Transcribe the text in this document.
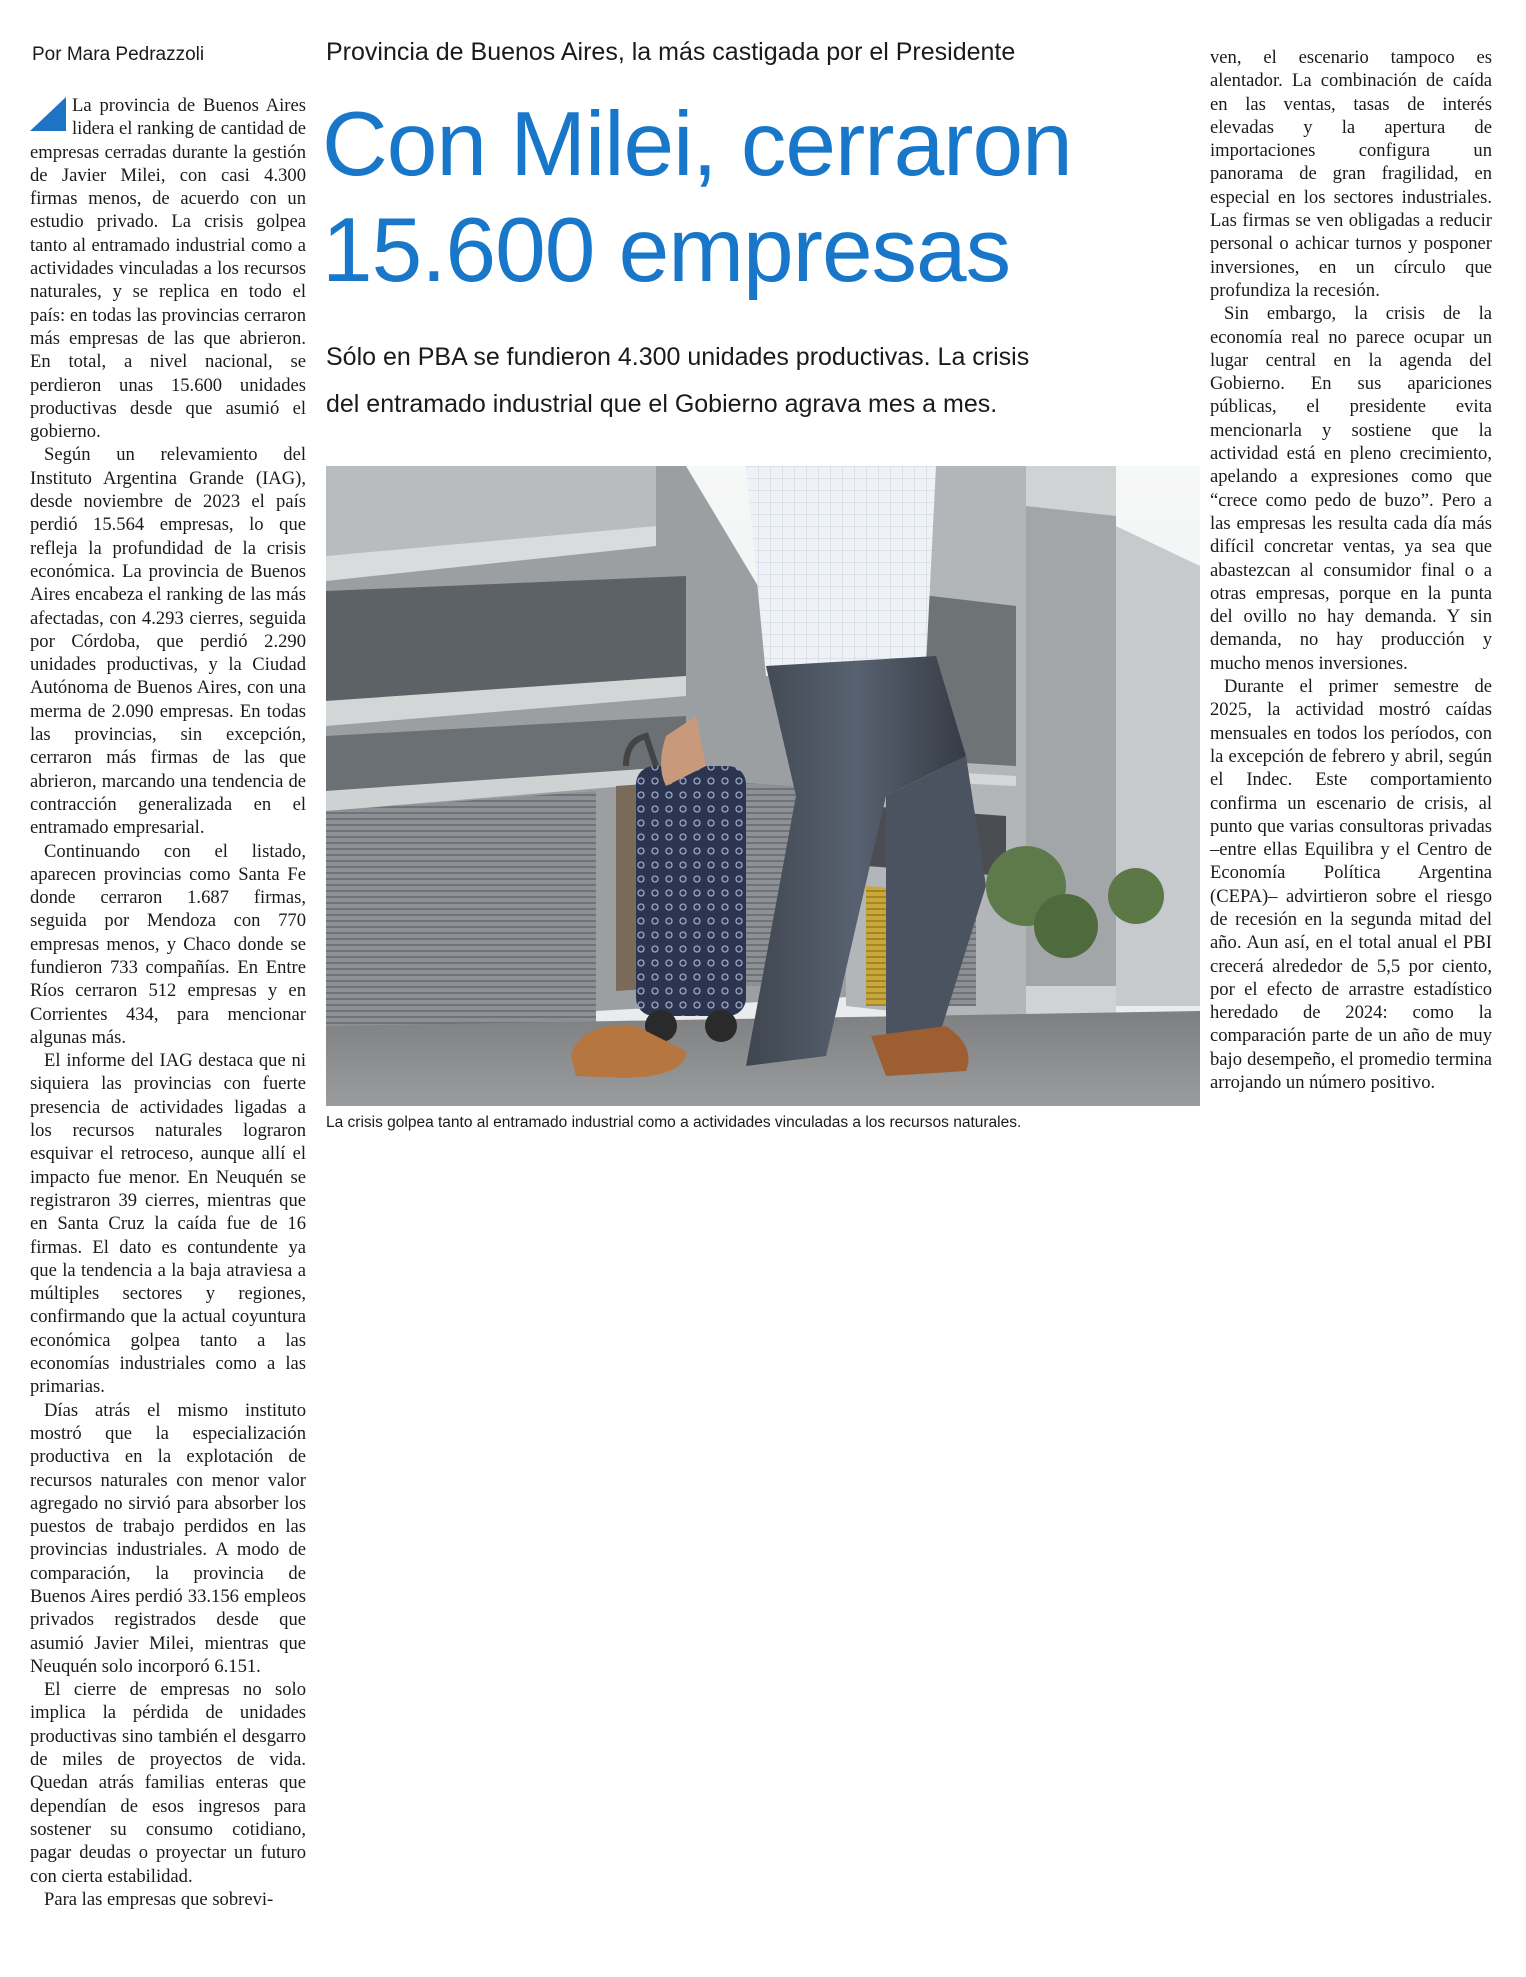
Por Mara Pedrazzoli

La provincia de Buenos Aires lidera el ranking de cantidad de empresas cerradas durante la gestión de Javier Milei, con casi 4.300 firmas menos, de acuerdo con un estudio privado. La crisis golpea tanto al entramado industrial como a actividades vinculadas a los recursos naturales, y se replica en todo el país: en todas las provincias cerraron más empresas de las que abrieron. En total, a nivel nacional, se perdieron unas 15.600 unidades productivas desde que asumió el gobierno.

Según un relevamiento del Instituto Argentina Grande (IAG), desde noviembre de 2023 el país perdió 15.564 empresas, lo que refleja la profundidad de la crisis económica. La provincia de Buenos Aires encabeza el ranking de las más afectadas, con 4.293 cierres, seguida por Córdoba, que perdió 2.290 unidades productivas, y la Ciudad Autónoma de Buenos Aires, con una merma de 2.090 empresas. En todas las provincias, sin excepción, cerraron más firmas de las que abrieron, marcando una tendencia de contracción generalizada en el entramado empresarial.

Continuando con el listado, aparecen provincias como Santa Fe donde cerraron 1.687 firmas, seguida por Mendoza con 770 empresas menos, y Chaco donde se fundieron 733 compañías. En Entre Ríos cerraron 512 empresas y en Corrientes 434, para mencionar algunas más.

El informe del IAG destaca que ni siquiera las provincias con fuerte presencia de actividades ligadas a los recursos naturales lograron esquivar el retroceso, aunque allí el impacto fue menor. En Neuquén se registraron 39 cierres, mientras que en Santa Cruz la caída fue de 16 firmas. El dato es contundente ya que la tendencia a la baja atraviesa a múltiples sectores y regiones, confirmando que la actual coyuntura económica golpea tanto a las economías industriales como a las primarias.

Días atrás el mismo instituto mostró que la especialización productiva en la explotación de recursos naturales con menor valor agregado no sirvió para absorber los puestos de trabajo perdidos en las provincias industriales. A modo de comparación, la provincia de Buenos Aires perdió 33.156 empleos privados registrados desde que asumió Javier Milei, mientras que Neuquén solo incorporó 6.151.

El cierre de empresas no solo implica la pérdida de unidades productivas sino también el desgarro de miles de proyectos de vida. Quedan atrás familias enteras que dependían de esos ingresos para sostener su consumo cotidiano, pagar deudas o proyectar un futuro con cierta estabilidad.

Para las empresas que sobrevi-

Provincia de Buenos Aires, la más castigada por el Presidente
Con Milei, cerraron
15.600 empresas
Sólo en PBA se fundieron 4.300 unidades productivas. La crisis
del entramado industrial que el Gobierno agrava mes a mes.
La crisis golpea tanto al entramado industrial como a actividades vinculadas a los recursos naturales.

ven, el escenario tampoco es alentador. La combinación de caída en las ventas, tasas de interés elevadas y la apertura de importaciones configura un panorama de gran fragilidad, en especial en los sectores industriales. Las firmas se ven obligadas a reducir personal o achicar turnos y posponer inversiones, en un círculo que profundiza la recesión.

Sin embargo, la crisis de la economía real no parece ocupar un lugar central en la agenda del Gobierno. En sus apariciones públicas, el presidente evita mencionarla y sostiene que la actividad está en pleno crecimiento, apelando a expresiones como que “crece como pedo de buzo”. Pero a las empresas les resulta cada día más difícil concretar ventas, ya sea que abastezcan al consumidor final o a otras empresas, porque en la punta del ovillo no hay demanda. Y sin demanda, no hay producción y mucho menos inversiones.

Durante el primer semestre de 2025, la actividad mostró caídas mensuales en todos los períodos, con la excepción de febrero y abril, según el Indec. Este comportamiento confirma un escenario de crisis, al punto que varias consultoras privadas –entre ellas Equilibra y el Centro de Economía Política Argentina (CEPA)– advirtieron sobre el riesgo de recesión en la segunda mitad del año. Aun así, en el total anual el PBI crecerá alrededor de 5,5 por ciento, por el efecto de arrastre estadístico heredado de 2024: como la comparación parte de un año de muy bajo desempeño, el promedio termina arrojando un número positivo.
